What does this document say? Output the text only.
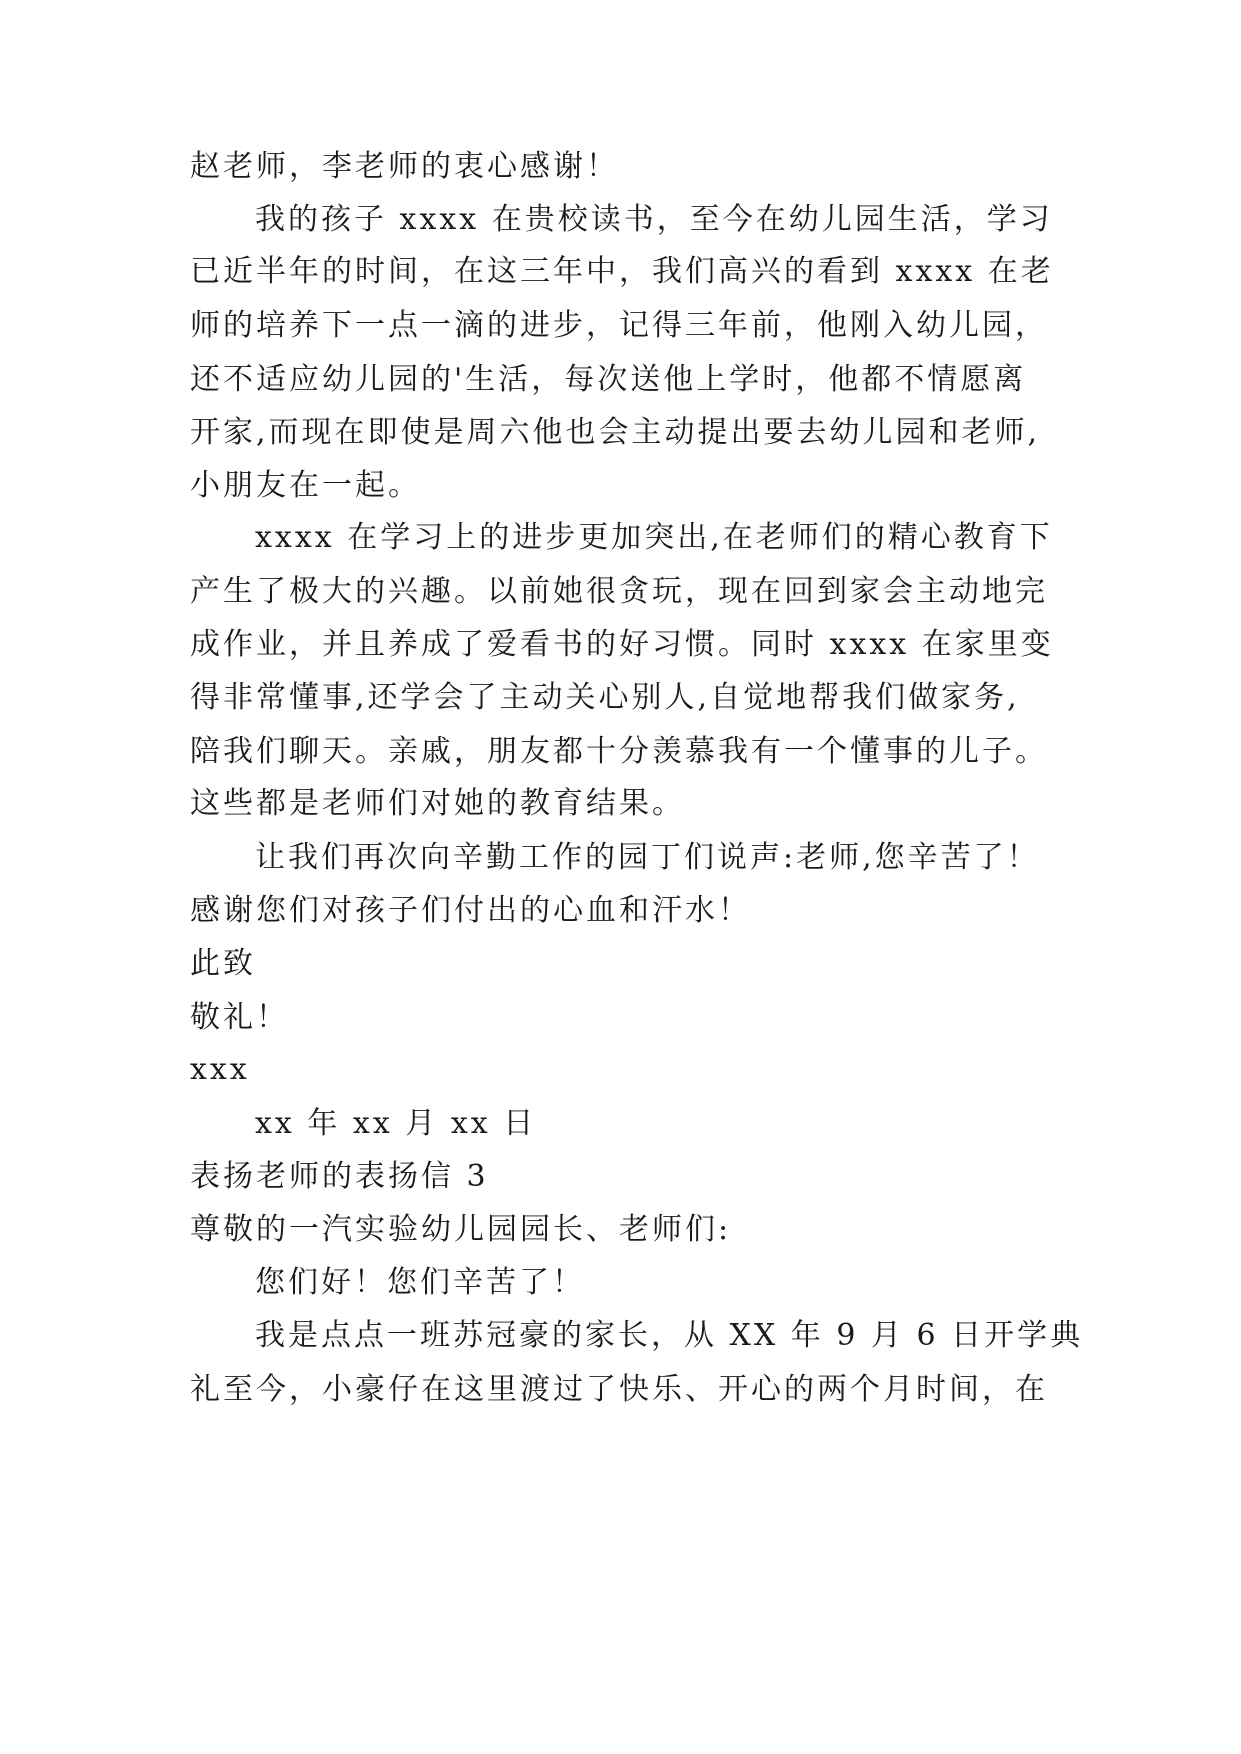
赵老师，李老师的衷心感谢！
我的孩子 xxxx 在贵校读书，至今在幼儿园生活，学习
已近半年的时间，在这三年中，我们高兴的看到 xxxx 在老
师的培养下一点一滴的进步，记得三年前，他刚入幼儿园，
还不适应幼儿园的'生活，每次送他上学时，他都不情愿离
开家,而现在即使是周六他也会主动提出要去幼儿园和老师,
小朋友在一起。
xxxx 在学习上的进步更加突出,在老师们的精心教育下
产生了极大的兴趣。以前她很贪玩，现在回到家会主动地完
成作业，并且养成了爱看书的好习惯。同时 xxxx 在家里变
得非常懂事,还学会了主动关心别人,自觉地帮我们做家务,
陪我们聊天。亲戚，朋友都十分羡慕我有一个懂事的儿子。
这些都是老师们对她的教育结果。
让我们再次向辛勤工作的园丁们说声:老师,您辛苦了！
感谢您们对孩子们付出的心血和汗水！
此致
敬礼！
xxx
xx 年 xx 月 xx 日
表扬老师的表扬信 3
尊敬的一汽实验幼儿园园长、老师们:
您们好！您们辛苦了！
我是点点一班苏冠豪的家长，从 XX 年 9 月 6 日开学典
礼至今，小豪仔在这里渡过了快乐、开心的两个月时间，在
